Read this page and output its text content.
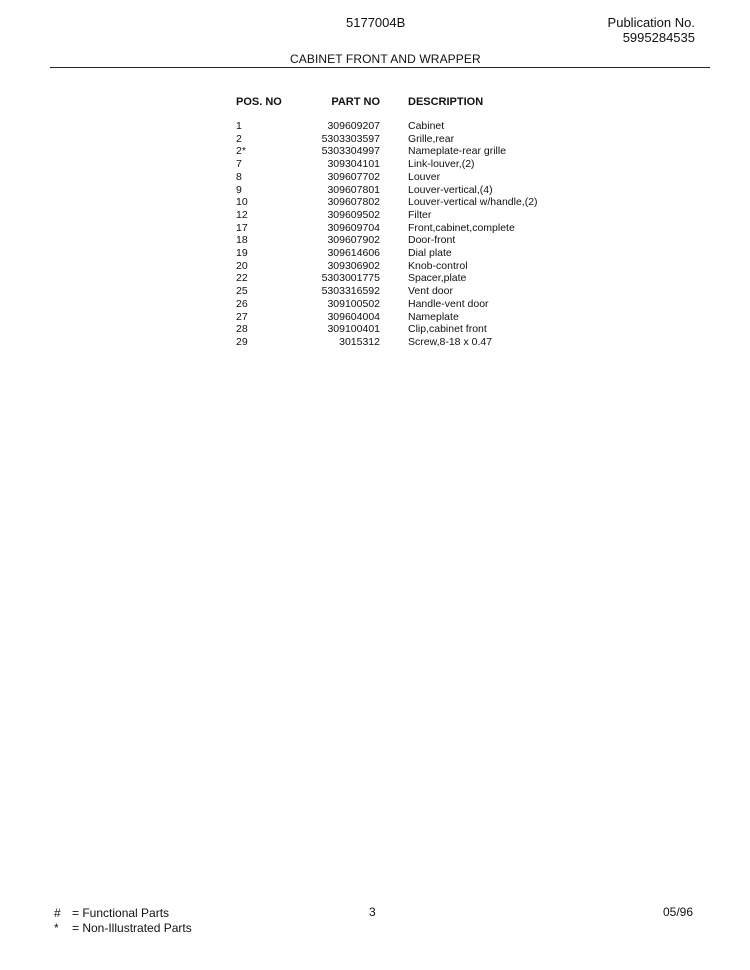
5177004B	Publication No.
5995284535
CABINET FRONT AND WRAPPER
POS. NO	PART NO	DESCRIPTION
1	309609207	Cabinet
2	5303303597	Grille,rear
2*	5303304997	Nameplate-rear grille
7	309304101	Link-louver,(2)
8	309607702	Louver
9	309607801	Louver-vertical,(4)
10	309607802	Louver-vertical w/handle,(2)
12	309609502	Filter
17	309609704	Front,cabinet,complete
18	309607902	Door-front
19	309614606	Dial plate
20	309306902	Knob-control
22	5303001775	Spacer,plate
25	5303316592	Vent door
26	309100502	Handle-vent door
27	309604004	Nameplate
28	309100401	Clip,cabinet front
29	3015312	Screw,8-18 x 0.47
# = Functional Parts
* = Non-Illustrated Parts
3	05/96
